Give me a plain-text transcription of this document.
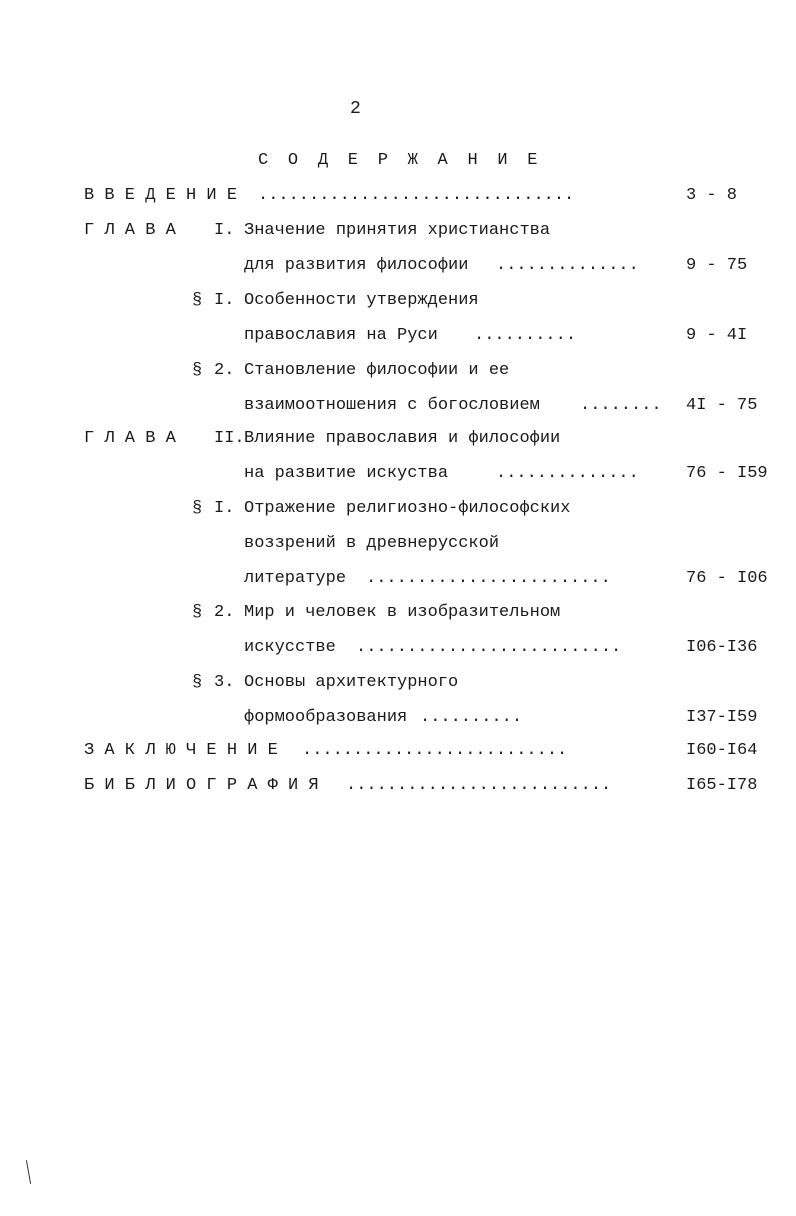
2
С О Д Е Р Ж А Н И Е
В В Е Д Е Н И Е ...............................	3 - 8
Г Л А В А I. Значение принятия христианства
для развития философии ..............	9 - 75
§ I. Особенности утверждения
православия на Руси ..........	9 - 4I
§ 2. Становление философии и ее
взаимоотношения с богословием ........ 4I - 75
Г Л А В А II. Влияние православия и философии
на развитие искуства	..............	76 - I59
§ I. Отражение религиозно-философских
воззрений в древнерусской
литературе ........................	76 - I06
§ 2. Мир и человек в изобразительном
искусстве ..........................	I06-I36
§ 3. Основы архитектурного
формообразования ..........	I37-I59
З А К Л Ю Ч Е Н И Е ..........................	I60-I64
Б И Б Л И О Г Р А Ф И Я ..........................	I65-I78
